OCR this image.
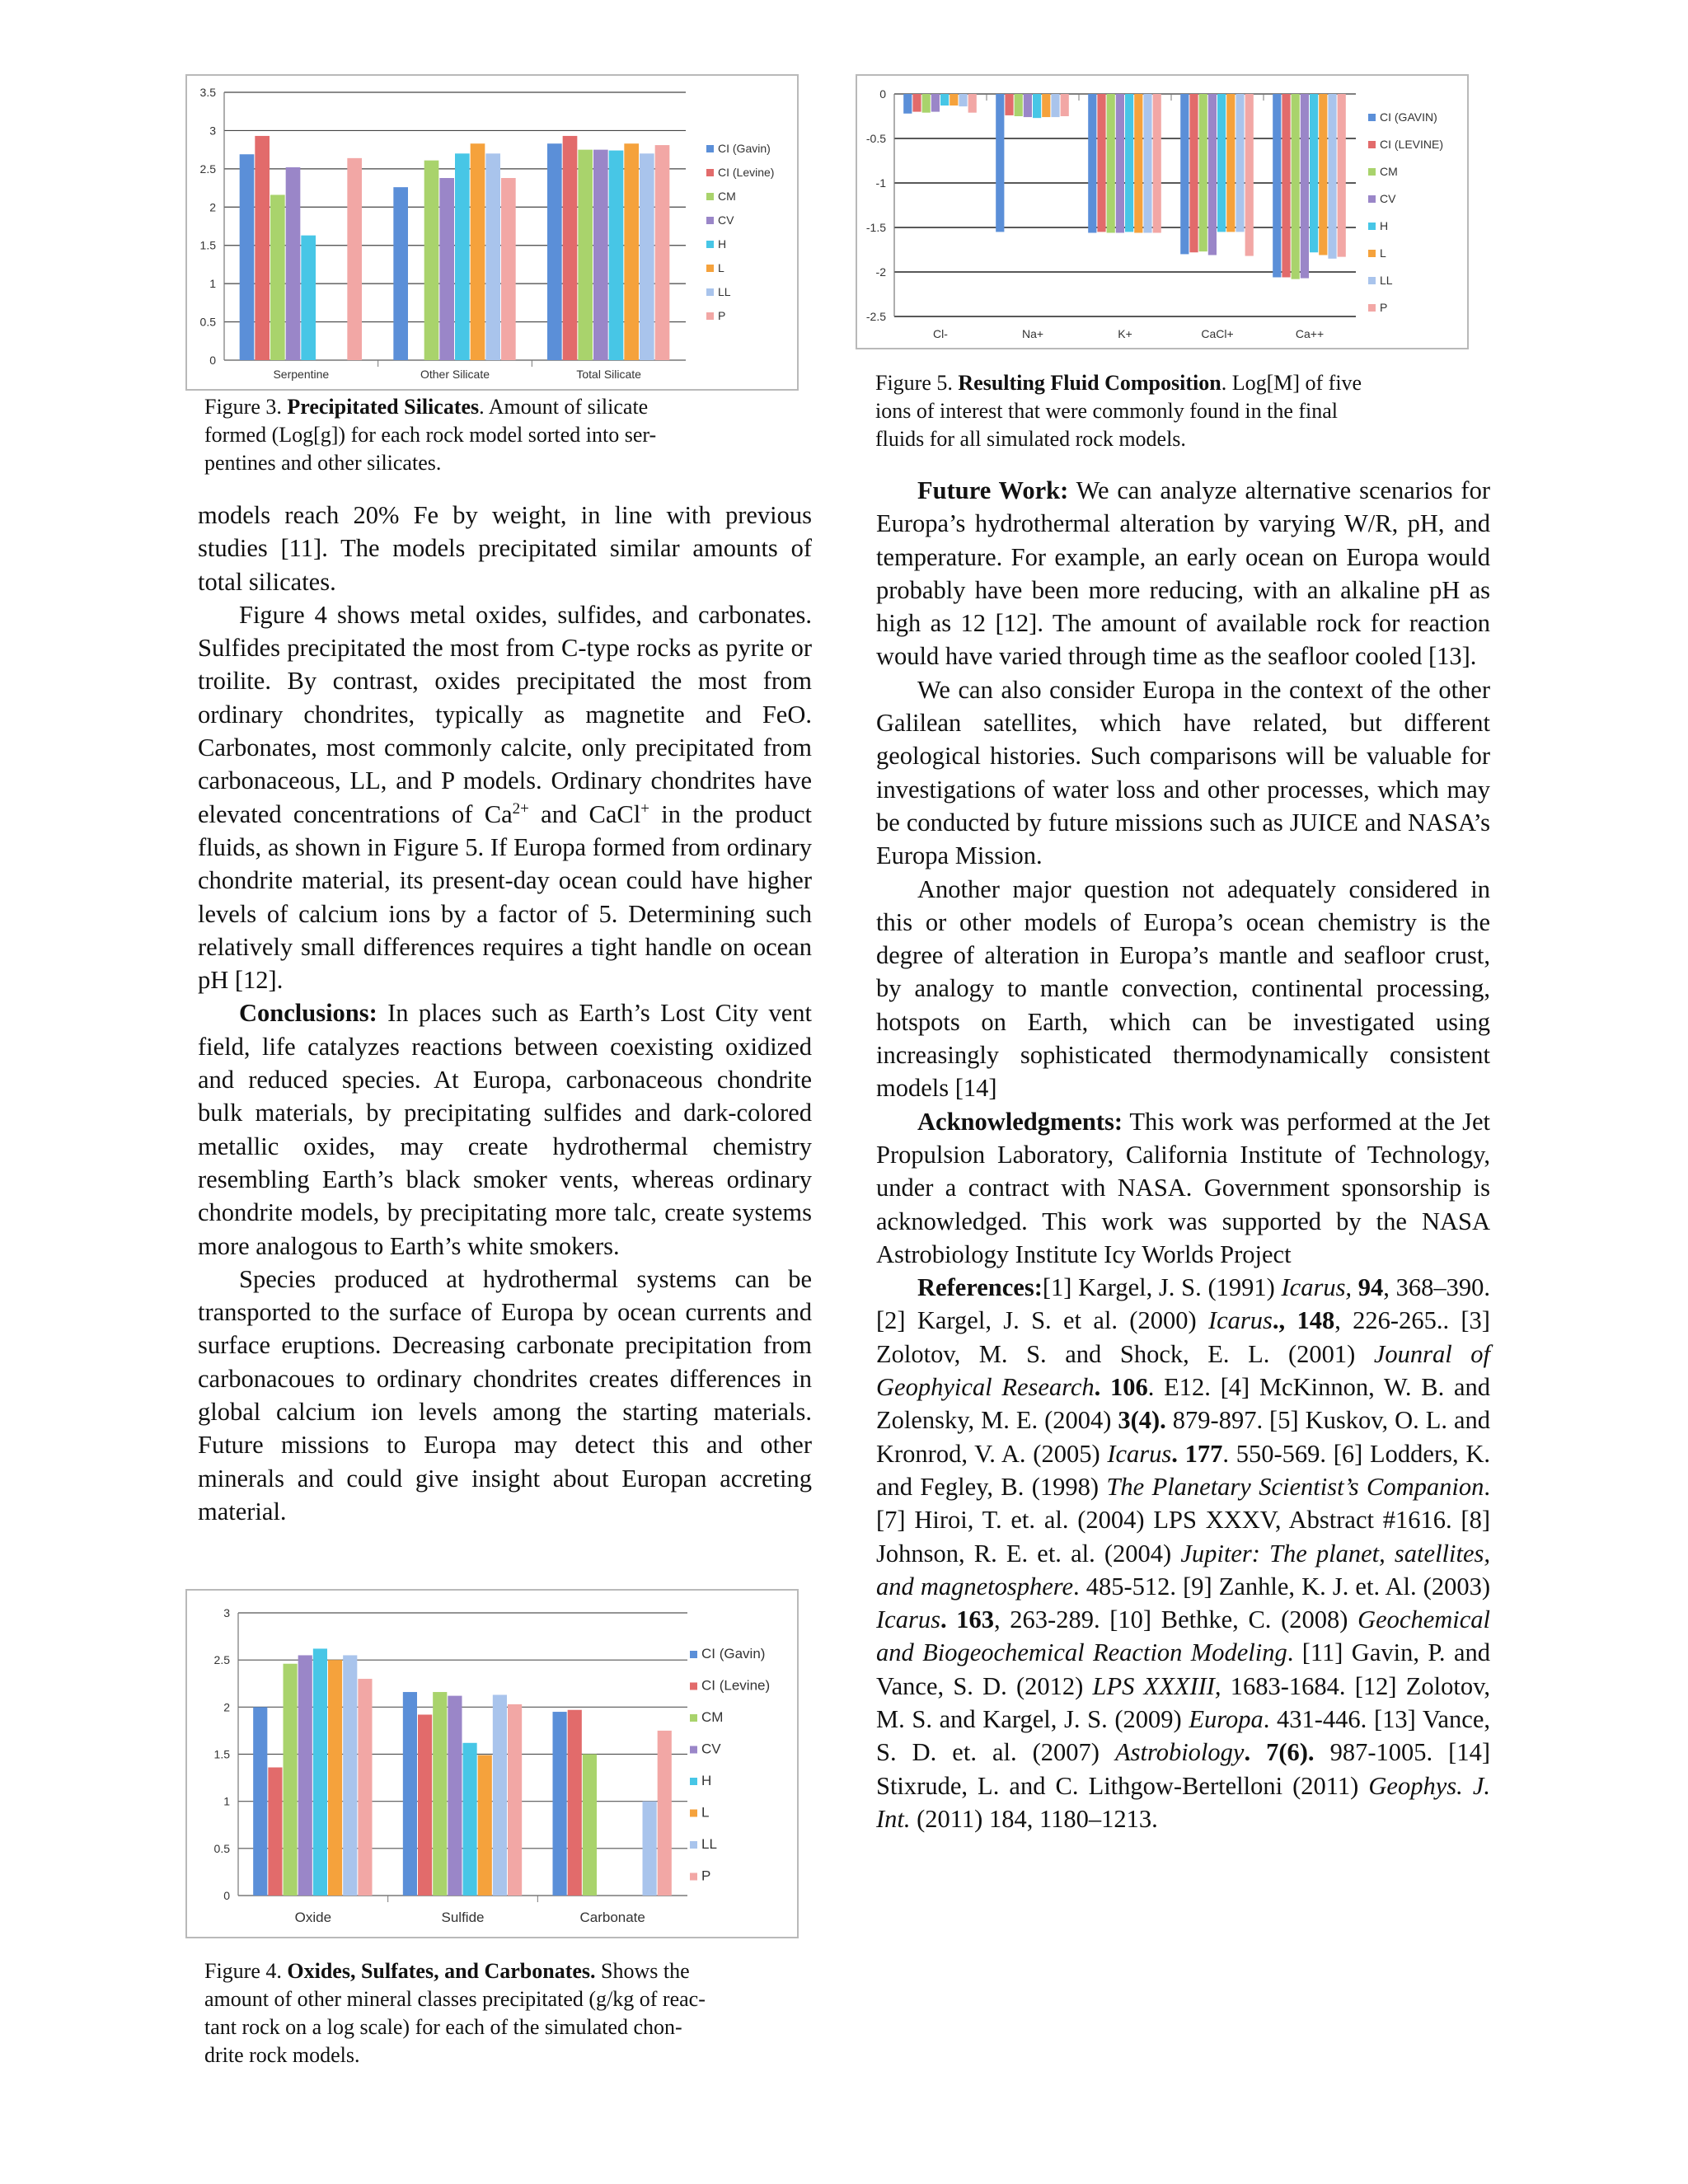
0
0.5
1
1.5
2
2.5
3
3.5
Serpentine	Other Silicate	Total Silicate
CI (Gavin)
CI (Levine)
CM
CV
H
L
LL
P
Figure 3. Precipitated Silicates. Amount of silicate
formed (Log[g]) for each rock model sorted into ser-
pentines and other silicates.
0
-0.5
-1
-1.5
-2
-2.5
Cl-	Na+	K+	CaCl+	Ca++
CI (GAVIN)
CI (LEVINE)
CM
CV
H
L
LL
P
Figure 5. Resulting Fluid Composition. Log[M] of five
ions of interest that were commonly found in the final
fluids for all simulated rock models.

models reach 20% Fe by weight, in line with previous studies [11]. The models precipitated similar amounts of total silicates.

Figure 4 shows metal oxides, sulfides, and carbonates. Sulfides precipitated the most from C-type rocks as pyrite or troilite. By contrast, oxides precipitated the most from ordinary chondrites, typically as magnetite and FeO. Carbonates, most commonly calcite, only precipitated from carbonaceous, LL, and P models. Ordinary chondrites have elevated concentrations of $Ca^{2+}$ and CaCl+ in the product fluids, as shown in Figure 5. If Europa formed from ordinary chondrite material, its present-day ocean could have higher levels of calcium ions by a factor of 5. Determining such relatively small differences requires a tight handle on ocean pH [12].

Conclusions: In places such as Earth’s Lost City vent field, life catalyzes reactions between coexisting oxidized and reduced species. At Europa, carbonaceous chondrite bulk materials, by precipitating sulfides and dark-colored metallic oxides, may create hydrothermal chemistry resembling Earth’s black smoker vents, whereas ordinary chondrite models, by precipitating more talc, create systems more analogous to Earth’s white smokers.

Species produced at hydrothermal systems can be transported to the surface of Europa by ocean currents and surface eruptions. Decreasing carbonate precipitation from carbonacoues to ordinary chondrites creates differences in global calcium ion levels among the starting materials. Future missions to Europa may detect this and other minerals and could give insight about Europan accreting material.

0
0.5
1
1.5
2
2.5
3
Oxide	Sulfide	Carbonate
CI (Gavin)
CI (Levine)
CM
CV
H
L
LL
P
Figure 4. Oxides, Sulfates, and Carbonates. Shows the
amount of other mineral classes precipitated (g/kg of reac-
tant rock on a log scale) for each of the simulated chon-
drite rock models.

Future Work: We can analyze alternative scenarios for Europa’s hydrothermal alteration by varying W/R, pH, and temperature. For example, an early ocean on Europa would probably have been more reducing, with an alkaline pH as high as 12 [12]. The amount of available rock for reaction would have varied through time as the seafloor cooled [13].

We can also consider Europa in the context of the other Galilean satellites, which have related, but different geological histories. Such comparisons will be valuable for investigations of water loss and other processes, which may be conducted by future missions such as JUICE and NASA’s Europa Mission.

Another major question not adequately considered in this or other models of Europa’s ocean chemistry is the degree of alteration in Europa’s mantle and seafloor crust, by analogy to mantle convection, continental processing, hotspots on Earth, which can be investigated using increasingly sophisticated thermodynamically consistent models [14]

Acknowledgments: This work was performed at the Jet Propulsion Laboratory, California Institute of Technology, under a contract with NASA. Government sponsorship is acknowledged. This work was supported by the NASA Astrobiology Institute Icy Worlds Project

References:[1] Kargel, J. S. (1991) Icarus, 94, 368–390. [2] Kargel, J. S. et al. (2000) Icarus., 148, 226-265.. [3] Zolotov, M. S. and Shock, E. L. (2001) Jounral of Geophyical Research. 106. E12. [4] McKinnon, W. B. and Zolensky, M. E. (2004) 3(4). 879-897. [5] Kuskov, O. L. and Kronrod, V. A. (2005) Icarus. 177. 550-569. [6] Lodders, K. and Fegley, B. (1998) The Planetary Scientist’s Companion. [7] Hiroi, T. et. al. (2004) LPS XXXV, Abstract #1616. [8] Johnson, R. E. et. al. (2004) Jupiter: The planet, satellites, and magnetosphere. 485-512. [9] Zanhle, K. J. et. Al. (2003) Icarus. 163, 263-289. [10] Bethke, C. (2008) Geochemical and Biogeochemical Reaction Modeling. [11] Gavin, P. and Vance, S. D. (2012) LPS XXXIII, 1683-1684. [12] Zolotov, M. S. and Kargel, J. S. (2009) Europa. 431-446. [13] Vance, S. D. et. al. (2007) Astrobiology. 7(6). 987-1005. [14] Stixrude, L. and C. Lithgow-Bertelloni (2011) Geophys. J. Int. (2011) 184, 1180–1213.
